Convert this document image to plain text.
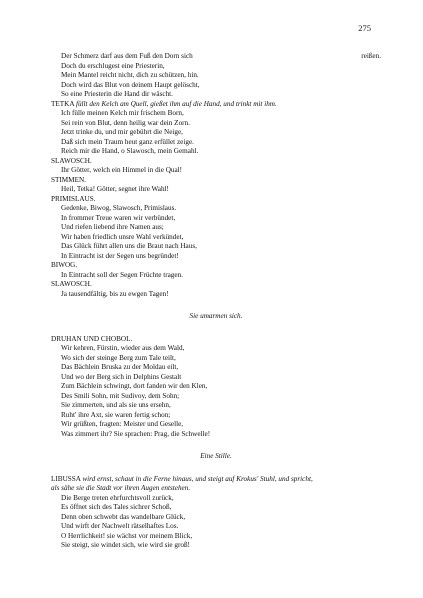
275
Der Schmerz darf aus dem Fuß den Dorn sich	reißen.
Doch du erschlugest eine Priesterin,
Mein Mantel reicht nicht, dich zu schützen, hin.
Doch wird das Blut von deinem Haupt gelöscht,
So eine Priesterin die Hand dir wäscht.
TETKA füllt den Kelch am Quell, gießet ihm auf die Hand, und trinkt mit ihm.
Ich fülle meinen Kelch mir frischem Born,
Sei rein von Blut, denn heilig war dein Zorn.
Jetzt trinke du, und mir gebührt die Neige,
Daß sich mein Traum heut ganz erfüllet zeige.
Reich mir die Hand, o Slawosch, mein Gemahl.
SLAWOSCH.
Ihr Götter, welch ein Himmel in die Qual!
STIMMEN.
Heil, Tetka! Götter, segnet ihre Wahl!
PRIMISLAUS.
Gedenke, Biwog, Slawosch, Primislaus.
In frommer Treue waren wir verbündet,
Und riefen liebend ihre Namen aus;
Wir haben friedlich unsre Wahl verkündet,
Das Glück führt allen uns die Braut nach Haus,
In Eintracht ist der Segen uns begründet!
BIWOG.
In Eintracht soll der Segen Früchte tragen.
SLAWOSCH.
Ja tausendfältig, bis zu ewgen Tagen!
Sie umarmen sich.
DRUHAN UND CHOBOL.
Wir kehren, Fürstin, wieder aus dem Wald,
Wo sich der steinge Berg zum Tale teilt,
Das Bächlein Bruska zu der Moldau eilt,
Und wo der Berg sich in Delphins Gestalt
Zum Bächlein schwingt, dort fanden wir den Klen,
Des Smili Sohn, mit Sudivoy, dem Sohn;
Sie zimmerten, und als sie uns ersehn,
Ruht' ihre Axt, sie waren fertig schon;
Wir grüßten, fragten: Meister und Geselle,
Was zimmert ihr? Sie sprachen: Prag, die Schwelle!
Eine Stille.
LIBUSSA wird ernst, schaut in die Ferne hinaus, und steigt auf Krokus' Stuhl, und spricht,
als sähe sie die Stadt vor ihren Augen entstehen.
Die Berge treten ehrfurchtsvoll zurück,
Es öffnet sich des Tales sichrer Schoß,
Denn oben schwebt das wandelbare Glück,
Und wirft der Nachwelt rätselhaftes Los.
O Herrlichkeit! sie wächst vor meinem Blick,
Sie steigt, sie windet sich, wie wird sie groß!
